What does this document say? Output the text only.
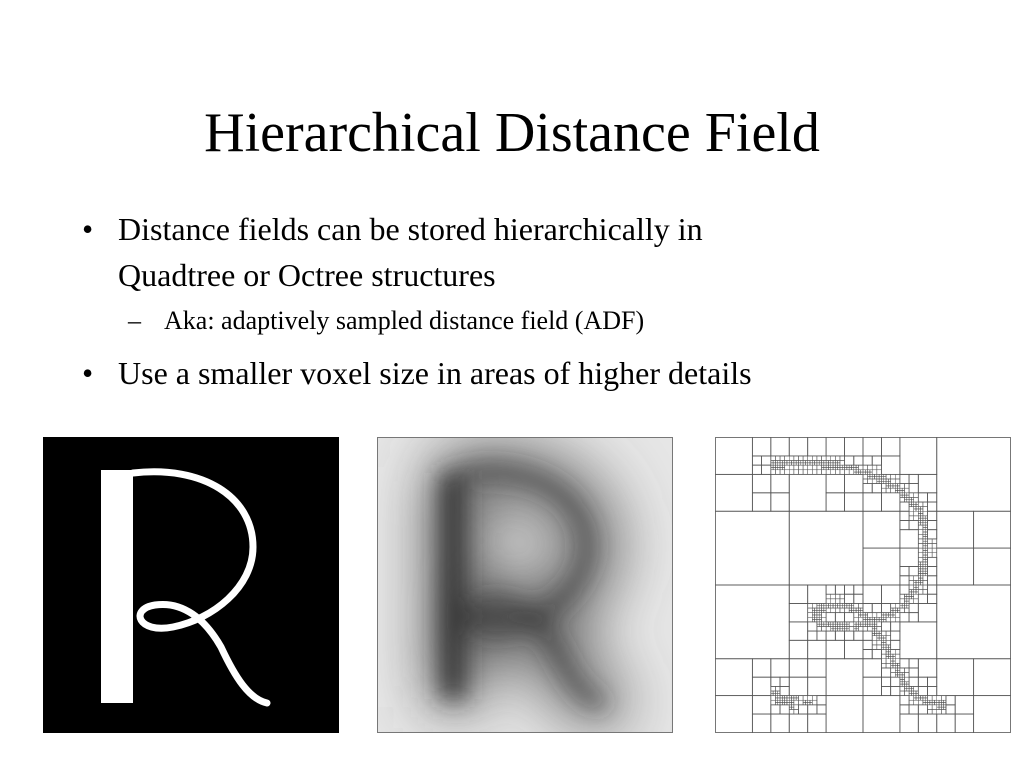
Hierarchical Distance Field
• Distance fields can be stored hierarchically in
Quadtree or Octree structures
– Aka: adaptively sampled distance field (ADF)
• Use a smaller voxel size in areas of higher details
